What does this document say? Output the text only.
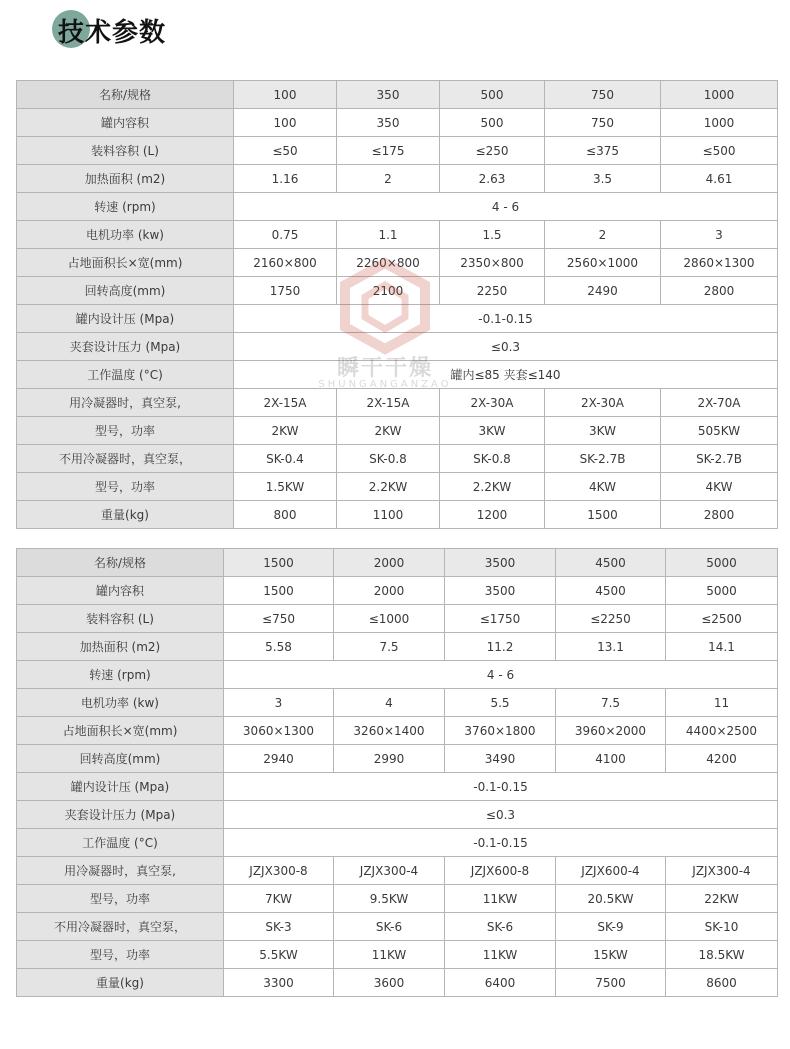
技术参数
名称/规格	100	350	500	750	1000
罐内容积	100	350	500	750	1000
装料容积 (L)	≤50	≤175	≤250	≤375	≤500
加热面积 (m2)	1.16	2	2.63	3.5	4.61
转速 (rpm)	4 - 6				
电机功率 (kw)	0.75	1.1	1.5	2	3
占地面积长×宽(mm)	2160×800	2260×800	2350×800	2560×1000	2860×1300
回转高度(mm)	1750	2100	2250	2490	2800
罐内设计压 (Mpa)	-0.1-0.15				
夹套设计压力 (Mpa)	≤0.3				
工作温度 (°C)	罐内≤85 夹套≤140				
用冷凝器时，真空泵,	2X-15A	2X-15A	2X-30A	2X-30A	2X-70A
型号，功率	2KW	2KW	3KW	3KW	505KW
不用冷凝器时，真空泵，	SK-0.4	SK-0.8	SK-0.8	SK-2.7B	SK-2.7B
型号，功率	1.5KW	2.2KW	2.2KW	4KW	4KW
重量(kg)	800	1100	1200	1500	2800
名称/规格	1500	2000	3500	4500	5000
罐内容积	1500	2000	3500	4500	5000
装料容积 (L)	≤750	≤1000	≤1750	≤2250	≤2500
加热面积 (m2)	5.58	7.5	11.2	13.1	14.1
转速 (rpm)	4 - 6				
电机功率 (kw)	3	4	5.5	7.5	11
占地面积长×宽(mm)	3060×1300	3260×1400	3760×1800	3960×2000	4400×2500
回转高度(mm)	2940	2990	3490	4100	4200
罐内设计压 (Mpa)	-0.1-0.15				
夹套设计压力 (Mpa)	≤0.3				
工作温度 (°C)	-0.1-0.15				
用冷凝器时，真空泵,	JZJX300-8	JZJX300-4	JZJX600-8	JZJX600-4	JZJX300-4
型号，功率	7KW	9.5KW	11KW	20.5KW	22KW
不用冷凝器时，真空泵，	SK-3	SK-6	SK-6	SK-9	SK-10
型号，功率	5.5KW	11KW	11KW	15KW	18.5KW
重量(kg)	3300	3600	6400	7500	8600
瞬干干燥
SHUNGANGANZAO
